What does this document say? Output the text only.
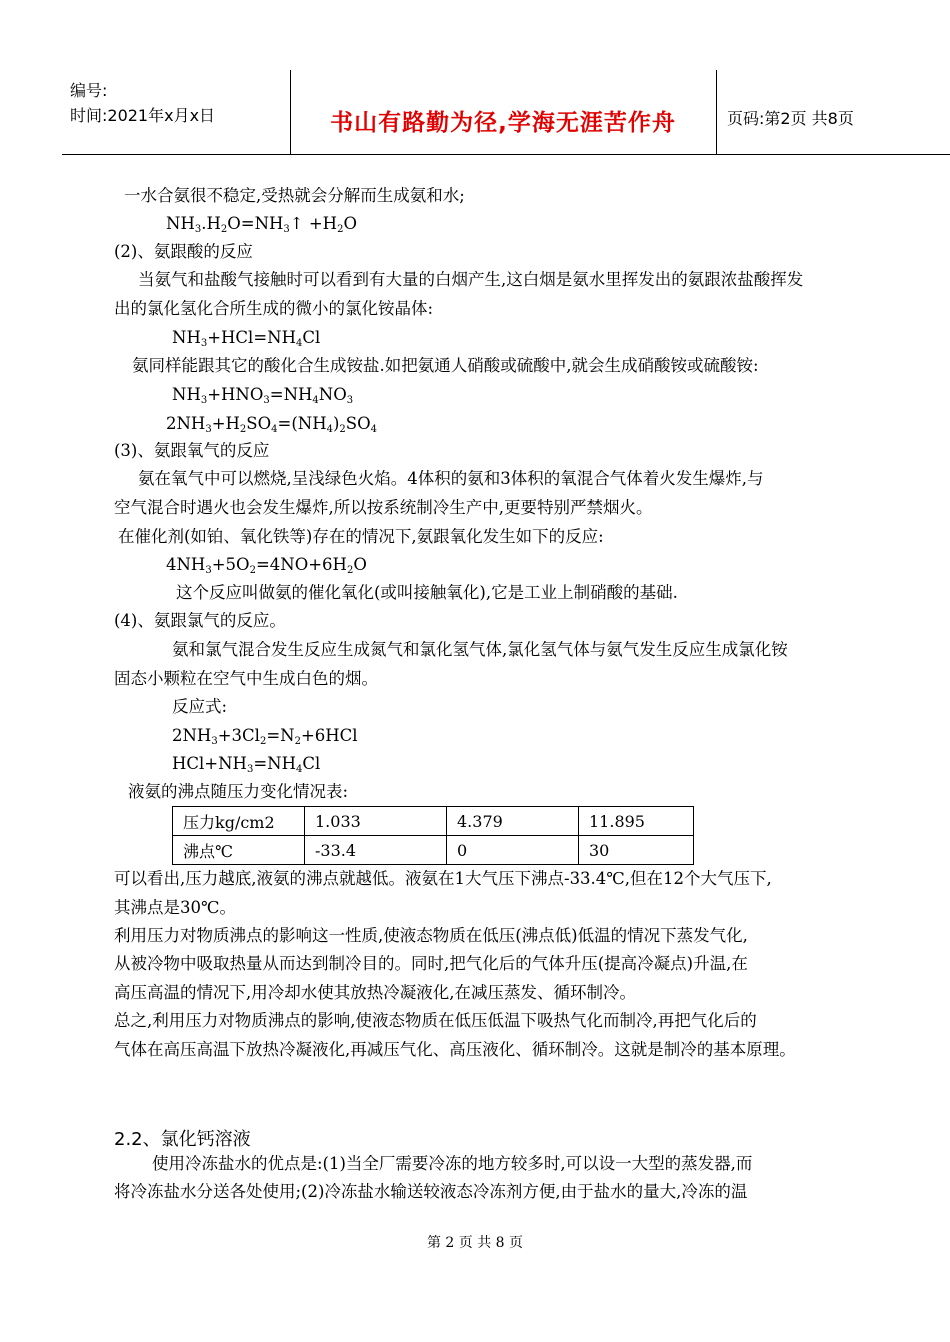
编号:
时间:2021年x月x日	书山有路勤为径,学海无涯苦作舟	页码:第2页 共8页
一水合氨很不稳定,受热就会分解而生成氨和水;
$NH_3.H_2O=NH_3↑ +H_2O$
(2)、氨跟酸的反应
当氨气和盐酸气接触时可以看到有大量的白烟产生,这白烟是氨水里挥发出的氨跟浓盐酸挥发
出的氯化氢化合所生成的微小的氯化铵晶体:
$NH_3+HCl=NH_4Cl$
氨同样能跟其它的酸化合生成铵盐.如把氨通人硝酸或硫酸中,就会生成硝酸铵或硫酸铵:
$NH_3+HNO_3=NH_4NO_3$
$2NH_3+H_2SO_4=(NH_4)_2SO_4$
(3)、氨跟氧气的反应
氨在氧气中可以燃烧,呈浅绿色火焰。4体积的氨和3体积的氧混合气体着火发生爆炸,与
空气混合时遇火也会发生爆炸,所以按系统制冷生产中,更要特别严禁烟火。
在催化剂(如铂、氧化铁等)存在的情况下,氨跟氧化发生如下的反应:
$4NH_3+5O_2=4NO+6H_2O$
这个反应叫做氨的催化氧化(或叫接触氧化),它是工业上制硝酸的基础.
(4)、氨跟氯气的反应。
氨和氯气混合发生反应生成氮气和氯化氢气体,氯化氢气体与氨气发生反应生成氯化铵
固态小颗粒在空气中生成白色的烟。
反应式:
$2NH_3+3Cl_2=N_2+6HCl$
$HCl+NH_3=NH_4Cl$
液氨的沸点随压力变化情况表:
压力kg/cm2	1.033	4.379	11.895
沸点℃	-33.4	0	30
可以看出,压力越底,液氨的沸点就越低。液氨在1大气压下沸点-33.4℃,但在12个大气压下,
其沸点是30℃。
利用压力对物质沸点的影响这一性质,使液态物质在低压(沸点低)低温的情况下蒸发气化,
从被冷物中吸取热量从而达到制冷目的。同时,把气化后的气体升压(提高冷凝点)升温,在
高压高温的情况下,用冷却水使其放热冷凝液化,在减压蒸发、循环制冷。
总之,利用压力对物质沸点的影响,使液态物质在低压低温下吸热气化而制冷,再把气化后的
气体在高压高温下放热冷凝液化,再减压气化、高压液化、循环制冷。这就是制冷的基本原理。
2.2、氯化钙溶液
使用冷冻盐水的优点是:(1)当全厂需要冷冻的地方较多时,可以设一大型的蒸发器,而
将冷冻盐水分送各处使用;(2)冷冻盐水输送较液态冷冻剂方便,由于盐水的量大,冷冻的温
第 2 页 共 8 页
